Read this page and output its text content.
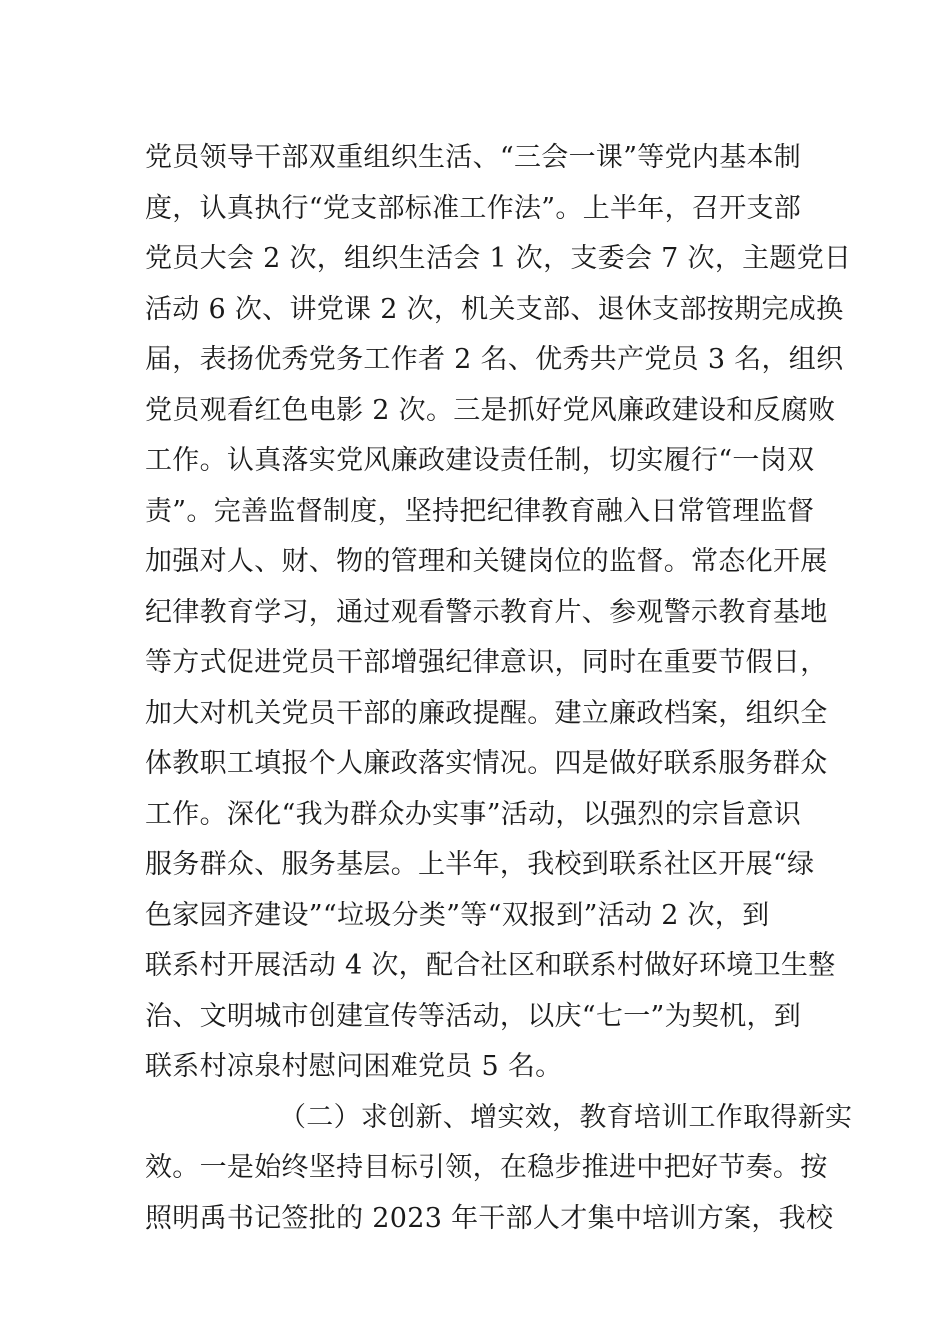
党员领导干部双重组织生活、“三会一课”等党内基本制
度，认真执行“党支部标准工作法”。上半年，召开支部
党员大会 2 次，组织生活会 1 次，支委会 7 次，主题党日
活动 6 次、讲党课 2 次，机关支部、退休支部按期完成换
届，表扬优秀党务工作者 2 名、优秀共产党员 3 名，组织
党员观看红色电影 2 次。三是抓好党风廉政建设和反腐败
工作。认真落实党风廉政建设责任制，切实履行“一岗双
责”。完善监督制度，坚持把纪律教育融入日常管理监督
加强对人、财、物的管理和关键岗位的监督。常态化开展
纪律教育学习，通过观看警示教育片、参观警示教育基地
等方式促进党员干部增强纪律意识，同时在重要节假日，
加大对机关党员干部的廉政提醒。建立廉政档案，组织全
体教职工填报个人廉政落实情况。四是做好联系服务群众
工作。深化“我为群众办实事”活动，以强烈的宗旨意识
服务群众、服务基层。上半年，我校到联系社区开展“绿
色家园齐建设”“垃圾分类”等“双报到”活动 2 次，到
联系村开展活动 4 次，配合社区和联系村做好环境卫生整
治、文明城市创建宣传等活动，以庆“七一”为契机，到
联系村凉泉村慰问困难党员 5 名。
（二）求创新、增实效，教育培训工作取得新实
效。一是始终坚持目标引领，在稳步推进中把好节奏。按
照明禹书记签批的 2023 年干部人才集中培训方案，我校
